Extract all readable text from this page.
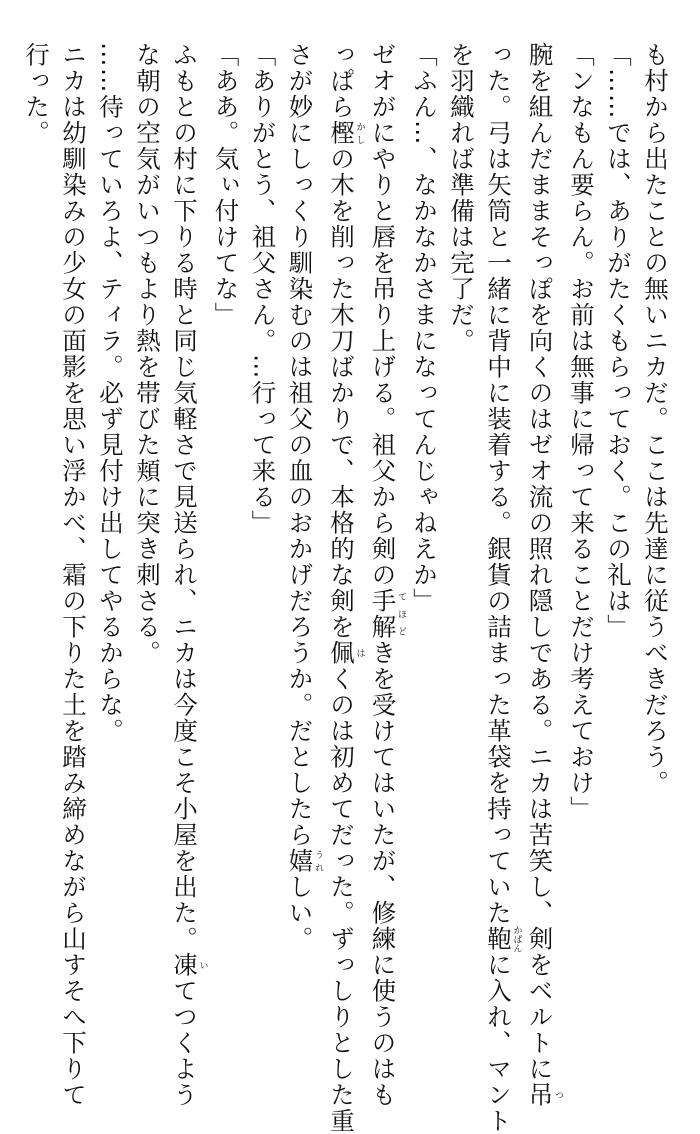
も村から出たことの無いニカだ。ここは先達に従うべきだろう。
「……では、ありがたくもらっておく。この礼は」
「ンなもん要らん。お前は無事に帰って来ることだけ考えておけ」
腕を組んだままそっぽを向くのはゼオ流の照れ隠しである。ニカは苦笑し、剣をベルトに吊つ
った。弓は矢筒と一緒に背中に装着する。銀貨の詰まった革袋を持っていた鞄かばんに入れ、マント
を羽織れば準備は完了だ。
「ふん…、なかなかさまになってんじゃねえか」
ゼオがにやりと唇を吊り上げる。祖父から剣の手解てほどきを受けてはいたが、修練に使うのはも
っぱら樫かしの木を削った木刀ばかりで、本格的な剣を佩はくのは初めてだった。ずっしりとした重
さが妙にしっくり馴染むのは祖父の血のおかげだろうか。だとしたら嬉うれしい。
「ありがとう、祖父さん。…行って来る」
「ああ。気ぃ付けてな」
ふもとの村に下りる時と同じ気軽さで見送られ、ニカは今度こそ小屋を出た。凍いてつくよう
な朝の空気がいつもより熱を帯びた頬に突き刺さる。
……待っていろよ、ティラ。必ず見付け出してやるからな。
ニカは幼馴染みの少女の面影を思い浮かべ、霜の下りた土を踏み締めながら山すそへ下りて
行った。
